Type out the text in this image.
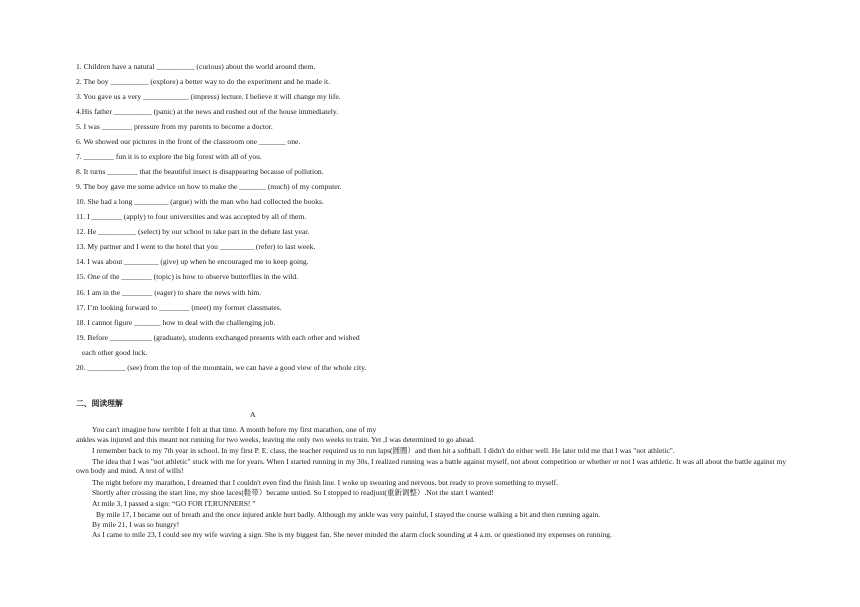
1. Children have a natural __________ (curious) about the world around them.
2. The boy __________ (explore) a better way to do the experiment and he made it.
3. You gave us a very ____________ (impress) lecture. I believe it will change my life.
4.His father __________ (panic) at the news and rushed out of the house immediately.
5. I was ________ pressure from my parents to become a doctor.
6. We showed our pictures in the front of the classroom one _______ one.
7. ________ fun it is to explore the big forest with all of you.
8. It turns ________ that the beautiful insect is disappearing because of pollution.
9. The boy gave me some advice on how to make the _______ (much) of my computer.
10. She had a long _________ (argue) with the man who had collected the books.
11. I ________ (apply) to four universities and was accepted by all of them.
12. He __________ (select) by our school to take part in the debate last year.
13. My partner and I went to the hotel that you _________ (refer) to last week.
14. I was about _________ (give) up when he encouraged me to keep going.
15. One of the ________ (topic) is how to observe butterflies in the wild.
16. I am in the ________ (eager) to share the news with him.
17. I’m looking forward to ________ (meet) my former classmates.
18. I cannot figure _______ how to deal with the challenging job.
19. Before ___________ (graduate), students exchanged presents with each other and wished
each other good luck.
20. __________ (see) from the top of the mountain, we can have a good view of the whole city.
二、阅读理解
A
You can't imagine how terrible I felt at that time. A month before my first marathon, one of my
ankles was injured and this meant not running for two weeks, leaving me only two weeks to train. Yet ,I was determined to go ahead.
I remember back to my 7th year in school. In my first P. E. class, the teacher required us to run laps(圆圈）and then hit a softball. I didn't do either well. He later told me that I was "not athletic".
The idea that I was "not athletic" stuck with me for years. When I started running in my 30s, I realized running was a battle against myself, not about competition or whether or not I was athletic. It was all about the battle against my own body and mind. A test of wills!
The night before my marathon, I dreamed that I couldn't even find the finish line. I woke up sweating and nervous, but ready to prove something to myself.
Shortly after crossing the start line, my shoe laces(鞋带）became untied. So I stopped to readjust(重新调整）.Not the start I wanted!
At mile 3, I passed a sign: “GO FOR IT,RUNNERS! ”
By mile 17, I became out of breath and the once injured ankle hurt badly. Although my ankle was very painful, I stayed the course walking a bit and then running again.
By mile 21, I was so hungry!
As I came to mile 23, I could see my wife waving a sign. She is my biggest fan. She never minded the alarm clock sounding at 4 a.m. or questioned my expenses on running.
